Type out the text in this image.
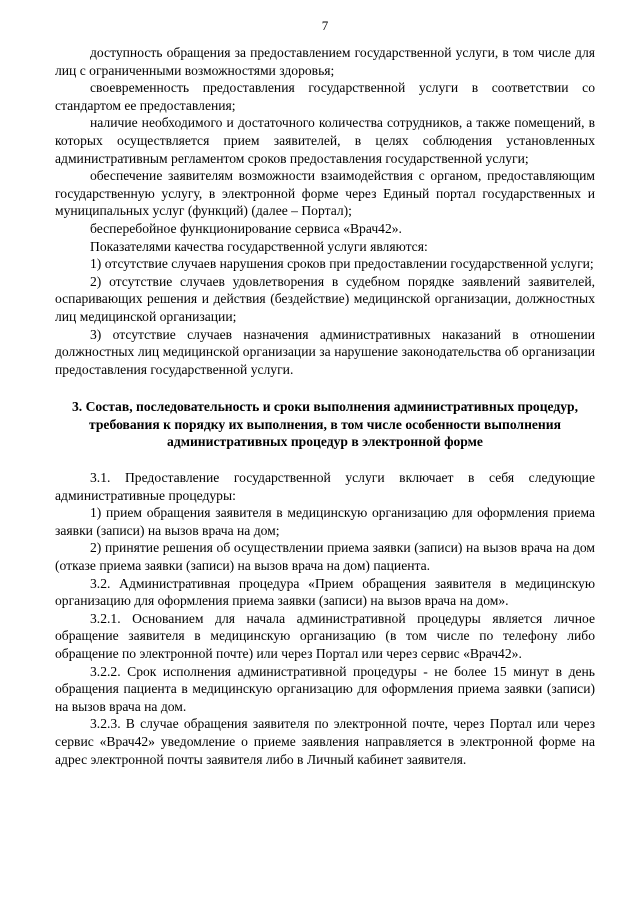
7

доступность обращения за предоставлением государственной услуги, в том числе для лиц с ограниченными возможностями здоровья;

своевременность предоставления государственной услуги в соответствии со стандартом ее предоставления;

наличие необходимого и достаточного количества сотрудников, а также помещений, в которых осуществляется прием заявителей, в целях соблюдения установленных административным регламентом сроков предоставления государственной услуги;

обеспечение заявителям возможности взаимодействия с органом, предоставляющим государственную услугу, в электронной форме через Единый портал государственных и муниципальных услуг (функций) (далее – Портал);

бесперебойное функционирование сервиса «Врач42».

Показателями качества государственной услуги являются:

1) отсутствие случаев нарушения сроков при предоставлении государственной услуги;

2) отсутствие случаев удовлетворения в судебном порядке заявлений заявителей, оспаривающих решения и действия (бездействие) медицинской организации, должностных лиц медицинской организации;

3) отсутствие случаев назначения административных наказаний в отношении должностных лиц медицинской организации за нарушение законодательства об организации предоставления государственной услуги.

3. Состав, последовательность и сроки выполнения административных процедур, требования к порядку их выполнения, в том числе особенности выполнения административных процедур в электронной форме

3.1. Предоставление государственной услуги включает в себя следующие административные процедуры:

1) прием обращения заявителя в медицинскую организацию для оформления приема заявки (записи) на вызов врача на дом;

2) принятие решения об осуществлении приема заявки (записи) на вызов врача на дом (отказе приема заявки (записи) на вызов врача на дом) пациента.

3.2. Административная процедура «Прием обращения заявителя в медицинскую организацию для оформления приема заявки (записи) на вызов врача на дом».

3.2.1. Основанием для начала административной процедуры является личное обращение заявителя в медицинскую организацию (в том числе по телефону либо обращение по электронной почте) или через Портал или через сервис «Врач42».

3.2.2. Срок исполнения административной процедуры - не более 15 минут в день обращения пациента в медицинскую организацию для оформления приема заявки (записи) на вызов врача на дом.

3.2.3. В случае обращения заявителя по электронной почте, через Портал или через сервис «Врач42» уведомление о приеме заявления направляется в электронной форме на адрес электронной почты заявителя либо в Личный кабинет заявителя.
